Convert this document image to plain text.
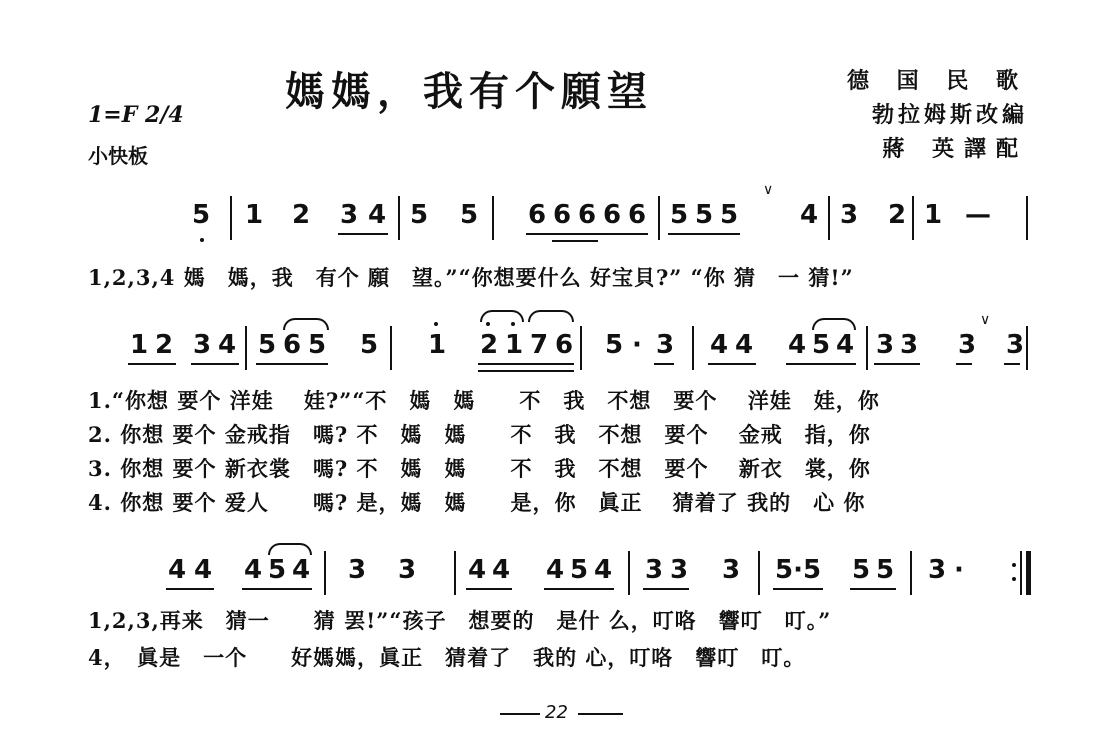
媽媽，我有个願望	德 国 民 歌
勃拉姆斯改編
蔣 英譯配
1=F 2/4
小快板
5 1 2 3 4 5 5 6 6 6 6 6 5 5 5
∨
4 3 2 1 —
1,2,3,4 媽　媽，我　有个 願　望。”“你想要什么 好宝貝?” “你 猜　一 猜!”
1 2 3 4 5 6 5 5 1 2 1 7 6 5 · 3 4 4 4 5 4 3 3 3
∨
3
1.“你想 要个 洋娃　 娃?”“不　媽　媽　　不　我　不想　要个　 洋娃　娃，你
2. 你想 要个 金戒指　嗎? 不　媽　媽　　不　我　不想　要个　 金戒　指，你
3. 你想 要个 新衣裳　嗎? 不　媽　媽　　不　我　不想　要个　 新衣　裳，你
4. 你想 要个 爱人　　嗎? 是，媽　媽　　是，你　眞正　 猜着了 我的　心 你
4 4 4 5 4 3 3 4 4 4 5 4 3 3 3 5·5 5 5 3 ·
1,2,3,再来　猜一　　猜 罢!”“孩子　想要的　是什 么，叮咯　響叮　叮。”
4，　眞是　一个　　好媽媽，眞正　猜着了　我的 心，叮咯　響叮　叮。
22
